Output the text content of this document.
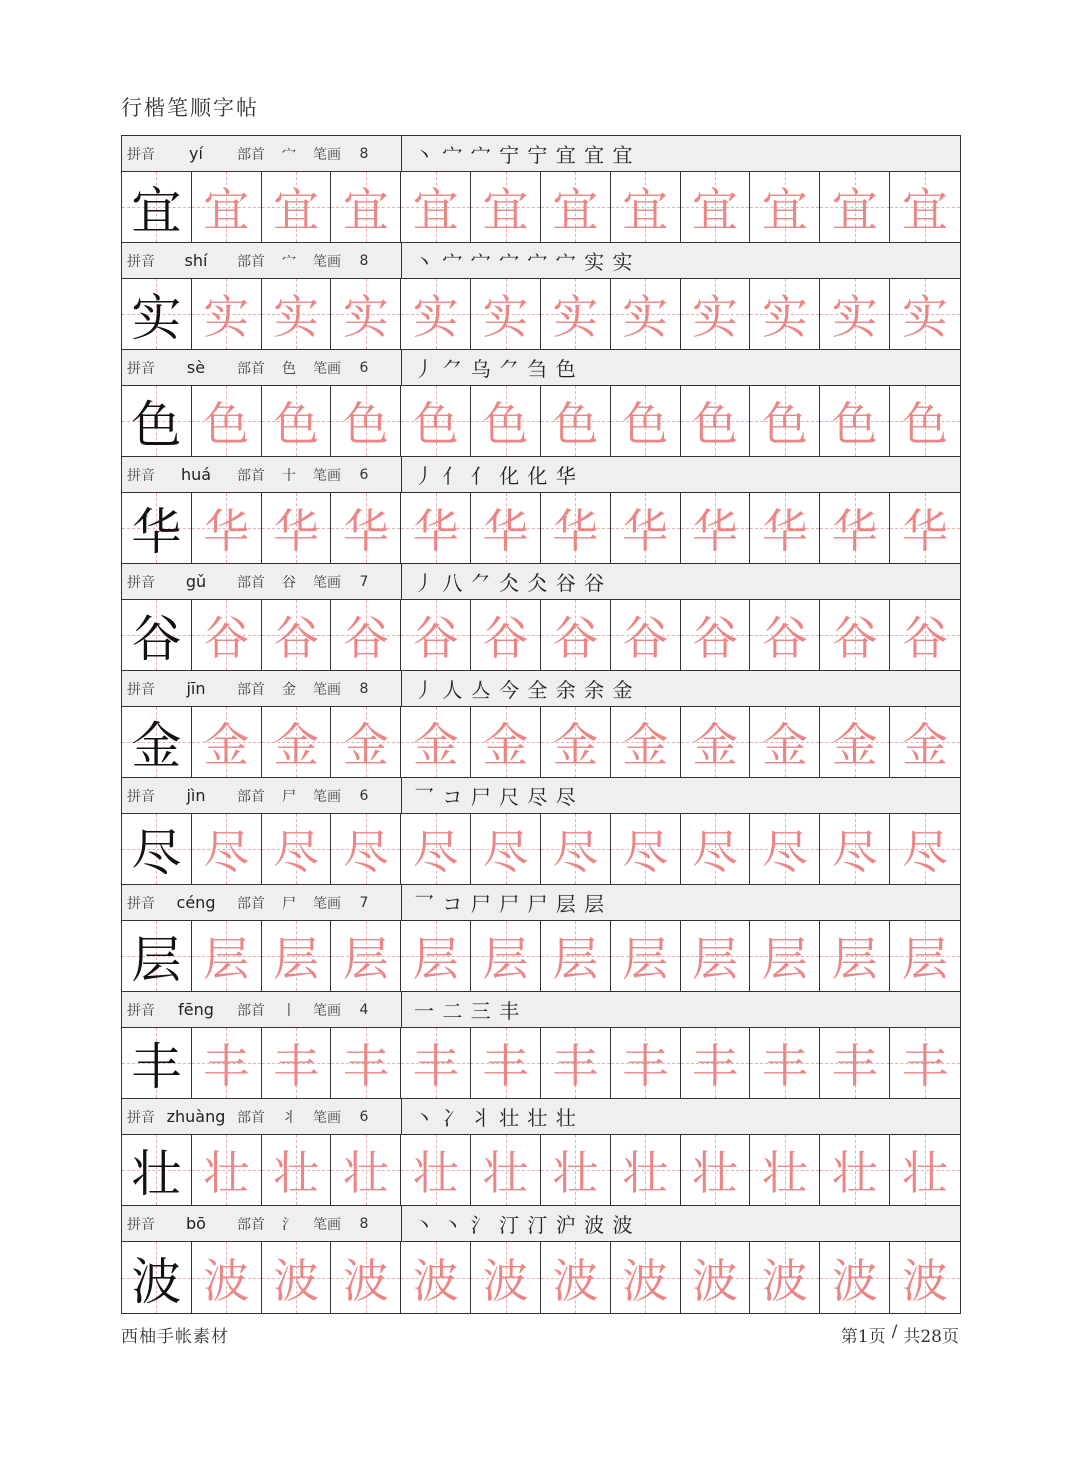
行楷笔顺字帖
拼音	yí	部首	宀	笔画	8	丶 宀 宀 宁 宁 宜 宜 宜
宜 宜 宜 宜 宜 宜 宜 宜 宜 宜 宜 宜
拼音	shí	部首	宀	笔画	8	丶 宀 宀 宀 宀 宀 实 实
实 实 实 实 实 实 实 实 实 实 实 实
拼音	sè	部首	色	笔画	6	丿 ⺈ 乌 ⺈ 刍 色
色 色 色 色 色 色 色 色 色 色 色 色
拼音	huá	部首	十	笔画	6	丿 亻 亻 化 化 华
华 华 华 华 华 华 华 华 华 华 华 华
拼音	gǔ	部首	谷	笔画	7	丿 八 ⺈ 仌 仌 谷 谷
谷 谷 谷 谷 谷 谷 谷 谷 谷 谷 谷 谷
拼音	jīn	部首	金	笔画	8	丿 人 亼 今 全 余 余 金
金 金 金 金 金 金 金 金 金 金 金 金
拼音	jìn	部首	尸	笔画	6	乛 コ 尸 尺 尽 尽
尽 尽 尽 尽 尽 尽 尽 尽 尽 尽 尽 尽
拼音	céng	部首	尸	笔画	7	乛 コ 尸 尸 尸 层 层
层 层 层 层 层 层 层 层 层 层 层 层
拼音	fēng	部首	丨	笔画	4	一 二 三 丰
丰 丰 丰 丰 丰 丰 丰 丰 丰 丰 丰 丰
拼音 zhuàng 部首	丬	笔画	6	丶 冫 丬 壮 壮 壮
壮 壮 壮 壮 壮 壮 壮 壮 壮 壮 壮 壮
拼音	bō	部首	氵	笔画	8	丶 丶 氵 汀 汀 沪 波 波
波 波 波 波 波 波 波 波 波 波 波 波
西柚手帐素材	第1页 / 共28页
